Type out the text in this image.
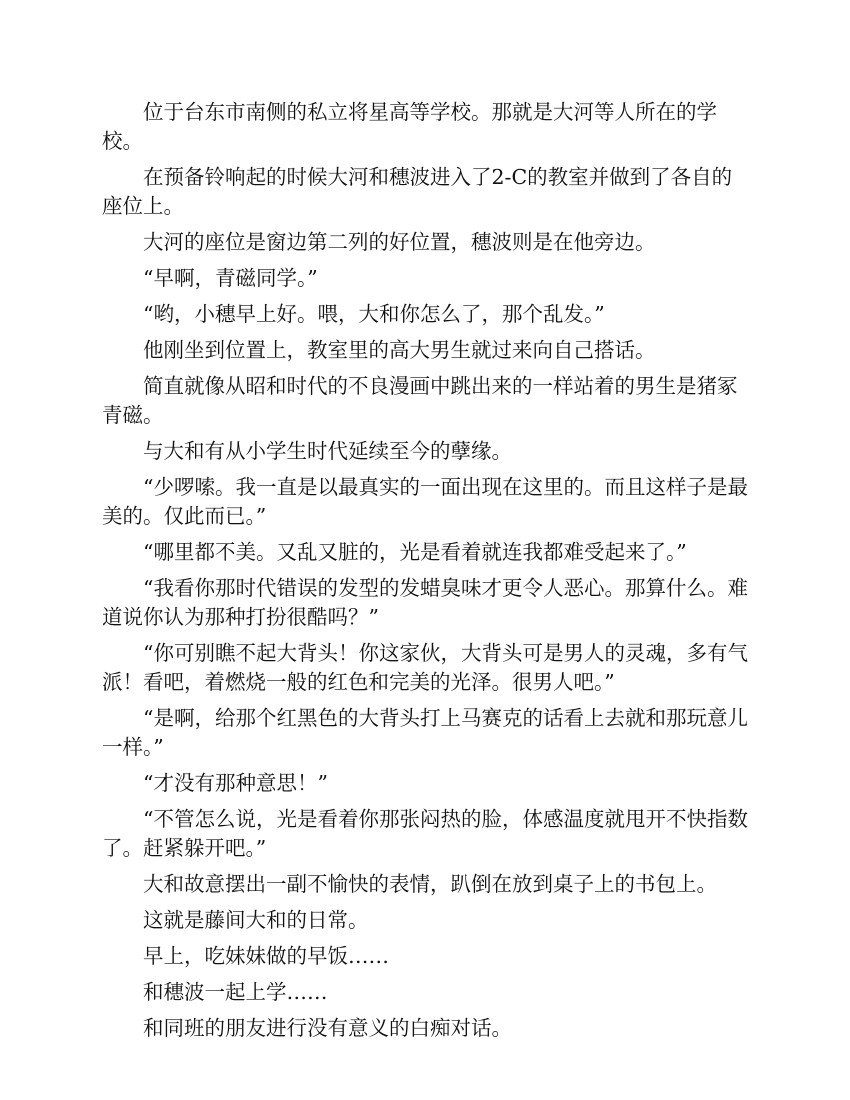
位于台东市南侧的私立将星高等学校。那就是大河等人所在的学校。

在预备铃响起的时候大河和穗波进入了2-C的教室并做到了各自的座位上。

大河的座位是窗边第二列的好位置，穗波则是在他旁边。

“早啊，青磁同学。”

“哟，小穗早上好。喂，大和你怎么了，那个乱发。”

他刚坐到位置上，教室里的高大男生就过来向自己搭话。

简直就像从昭和时代的不良漫画中跳出来的一样站着的男生是猪冢青磁。

与大和有从小学生时代延续至今的孽缘。

“少啰嗦。我一直是以最真实的一面出现在这里的。而且这样子是最美的。仅此而已。”

“哪里都不美。又乱又脏的，光是看着就连我都难受起来了。”

“我看你那时代错误的发型的发蜡臭味才更令人恶心。那算什么。难道说你认为那种打扮很酷吗？”

“你可别瞧不起大背头！你这家伙，大背头可是男人的灵魂，多有气派！看吧，着燃烧一般的红色和完美的光泽。很男人吧。”

“是啊，给那个红黑色的大背头打上马赛克的话看上去就和那玩意儿一样。”

“才没有那种意思！”

“不管怎么说，光是看着你那张闷热的脸，体感温度就甩开不快指数了。赶紧躲开吧。”

大和故意摆出一副不愉快的表情，趴倒在放到桌子上的书包上。

这就是藤间大和的日常。

早上，吃妹妹做的早饭……

和穗波一起上学……

和同班的朋友进行没有意义的白痴对话。
